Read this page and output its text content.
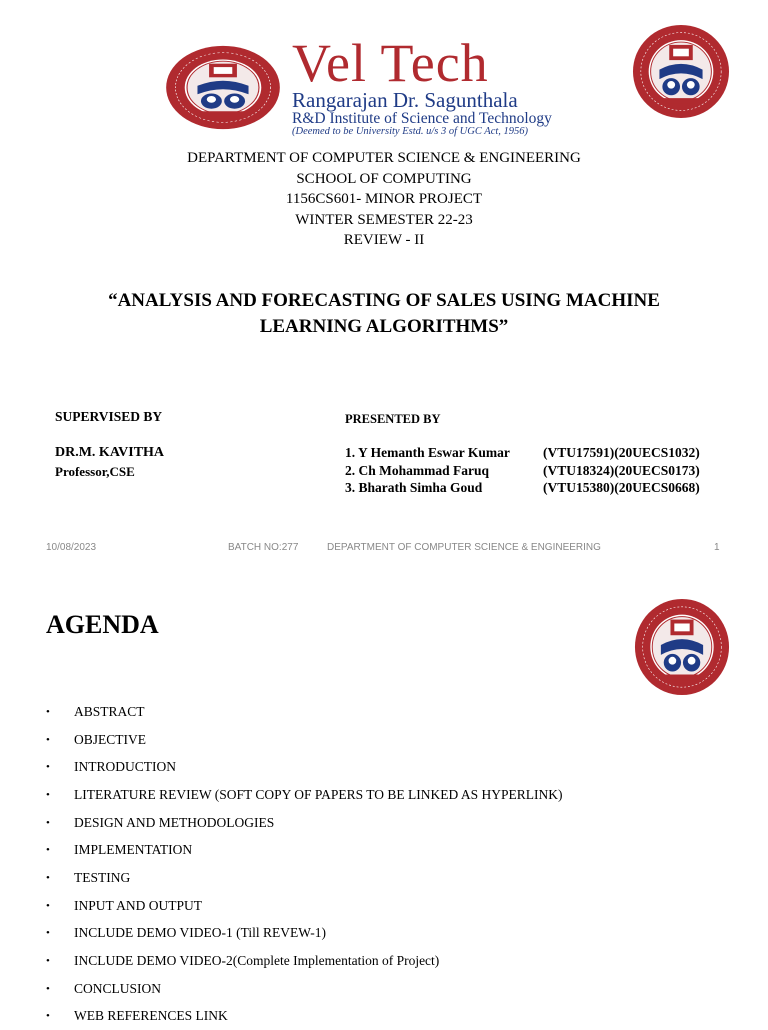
Vel Tech
Rangarajan Dr. Sagunthala
R&D Institute of Science and Technology
(Deemed to be University Estd. u/s 3 of UGC Act, 1956)
DEPARTMENT OF COMPUTER SCIENCE & ENGINEERING
SCHOOL OF COMPUTING
1156CS601- MINOR PROJECT
WINTER SEMESTER 22-23
REVIEW - II
“ANALYSIS AND FORECASTING OF SALES USING MACHINE
LEARNING ALGORITHMS”
SUPERVISED BY
DR.M. KAVITHA
Professor,CSE
PRESENTED BY
1. Y Hemanth Eswar Kumar	(VTU17591)(20UECS1032)
2. Ch Mohammad Faruq	(VTU18324)(20UECS0173)
3. Bharath Simha Goud	(VTU15380)(20UECS0668)
10/08/2023	BATCH NO:277	DEPARTMENT OF COMPUTER SCIENCE & ENGINEERING	1
AGENDA
•	ABSTRACT
•	OBJECTIVE
•	INTRODUCTION
•	LITERATURE REVIEW (SOFT COPY OF PAPERS TO BE LINKED AS HYPERLINK)
•	DESIGN AND METHODOLOGIES
•	IMPLEMENTATION
•	TESTING
•	INPUT AND OUTPUT
•	INCLUDE DEMO VIDEO-1 (Till REVEW-1)
•	INCLUDE DEMO VIDEO-2(Complete Implementation of Project)
•	CONCLUSION
•	WEB REFERENCES LINK
